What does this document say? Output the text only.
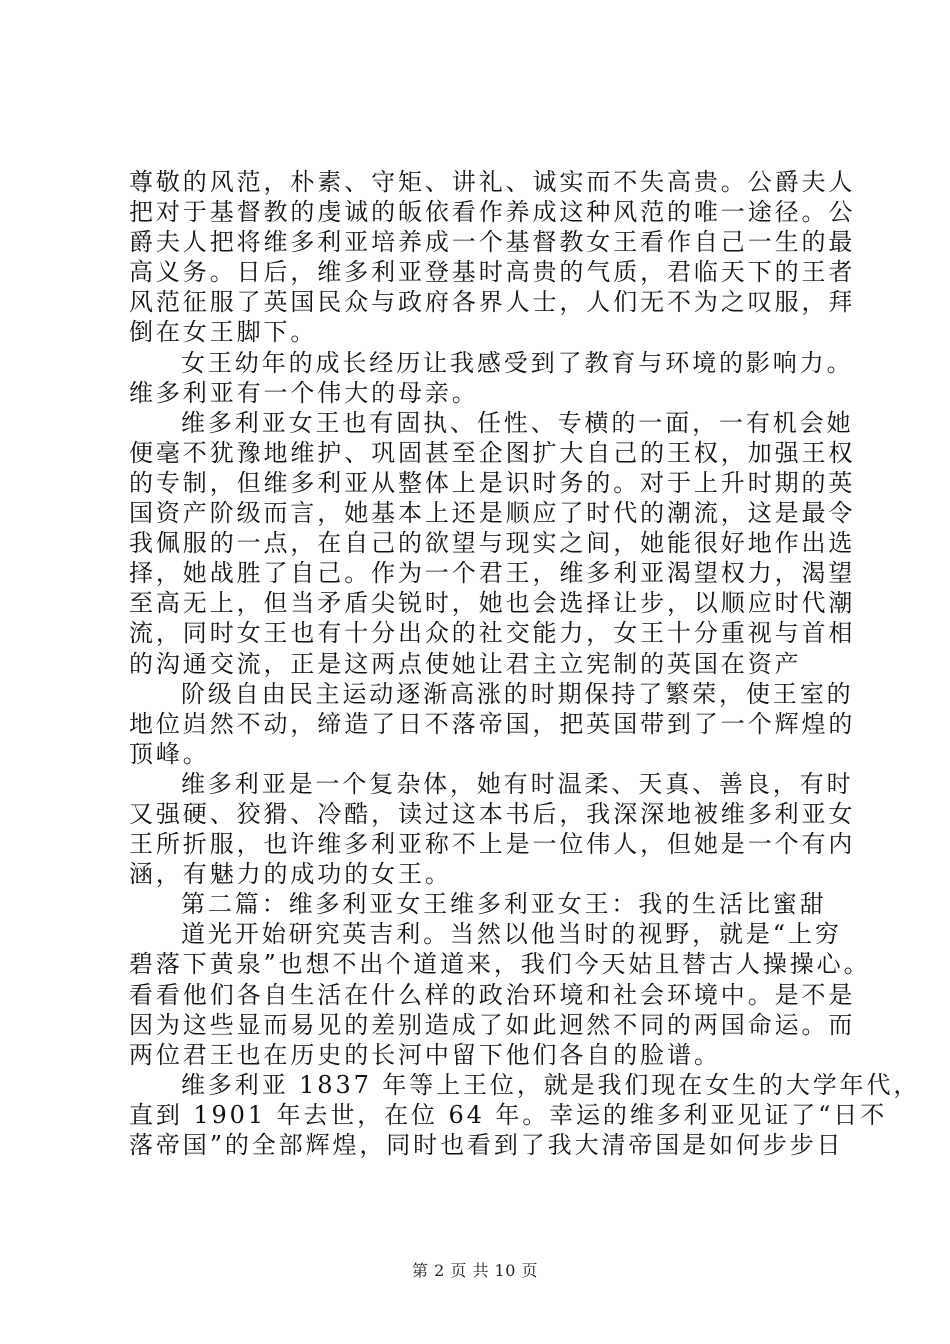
尊敬的风范，朴素、守矩、讲礼、诚实而不失高贵。公爵夫人
把对于基督教的虔诚的皈依看作养成这种风范的唯一途径。公
爵夫人把将维多利亚培养成一个基督教女王看作自己一生的最
高义务。日后，维多利亚登基时高贵的气质，君临天下的王者
风范征服了英国民众与政府各界人士，人们无不为之叹服，拜
倒在女王脚下。
女王幼年的成长经历让我感受到了教育与环境的影响力。
维多利亚有一个伟大的母亲。
维多利亚女王也有固执、任性、专横的一面，一有机会她
便毫不犹豫地维护、巩固甚至企图扩大自己的王权，加强王权
的专制，但维多利亚从整体上是识时务的。对于上升时期的英
国资产阶级而言，她基本上还是顺应了时代的潮流，这是最令
我佩服的一点，在自己的欲望与现实之间，她能很好地作出选
择，她战胜了自己。作为一个君王，维多利亚渴望权力，渴望
至高无上，但当矛盾尖锐时，她也会选择让步，以顺应时代潮
流，同时女王也有十分出众的社交能力，女王十分重视与首相
的沟通交流，正是这两点使她让君主立宪制的英国在资产
阶级自由民主运动逐渐高涨的时期保持了繁荣，使王室的
地位岿然不动，缔造了日不落帝国，把英国带到了一个辉煌的
顶峰。
维多利亚是一个复杂体，她有时温柔、天真、善良，有时
又强硬、狡猾、冷酷，读过这本书后，我深深地被维多利亚女
王所折服，也许维多利亚称不上是一位伟人，但她是一个有内
涵，有魅力的成功的女王。
第二篇：维多利亚女王维多利亚女王：我的生活比蜜甜
道光开始研究英吉利。当然以他当时的视野，就是“上穷
碧落下黄泉”也想不出个道道来，我们今天姑且替古人操操心。
看看他们各自生活在什么样的政治环境和社会环境中。是不是
因为这些显而易见的差别造成了如此迥然不同的两国命运。而
两位君王也在历史的长河中留下他们各自的脸谱。
维多利亚 1837 年等上王位，就是我们现在女生的大学年代，
直到 1901 年去世，在位 64 年。幸运的维多利亚见证了“日不
落帝国”的全部辉煌，同时也看到了我大清帝国是如何步步日
第 2 页 共 10 页
